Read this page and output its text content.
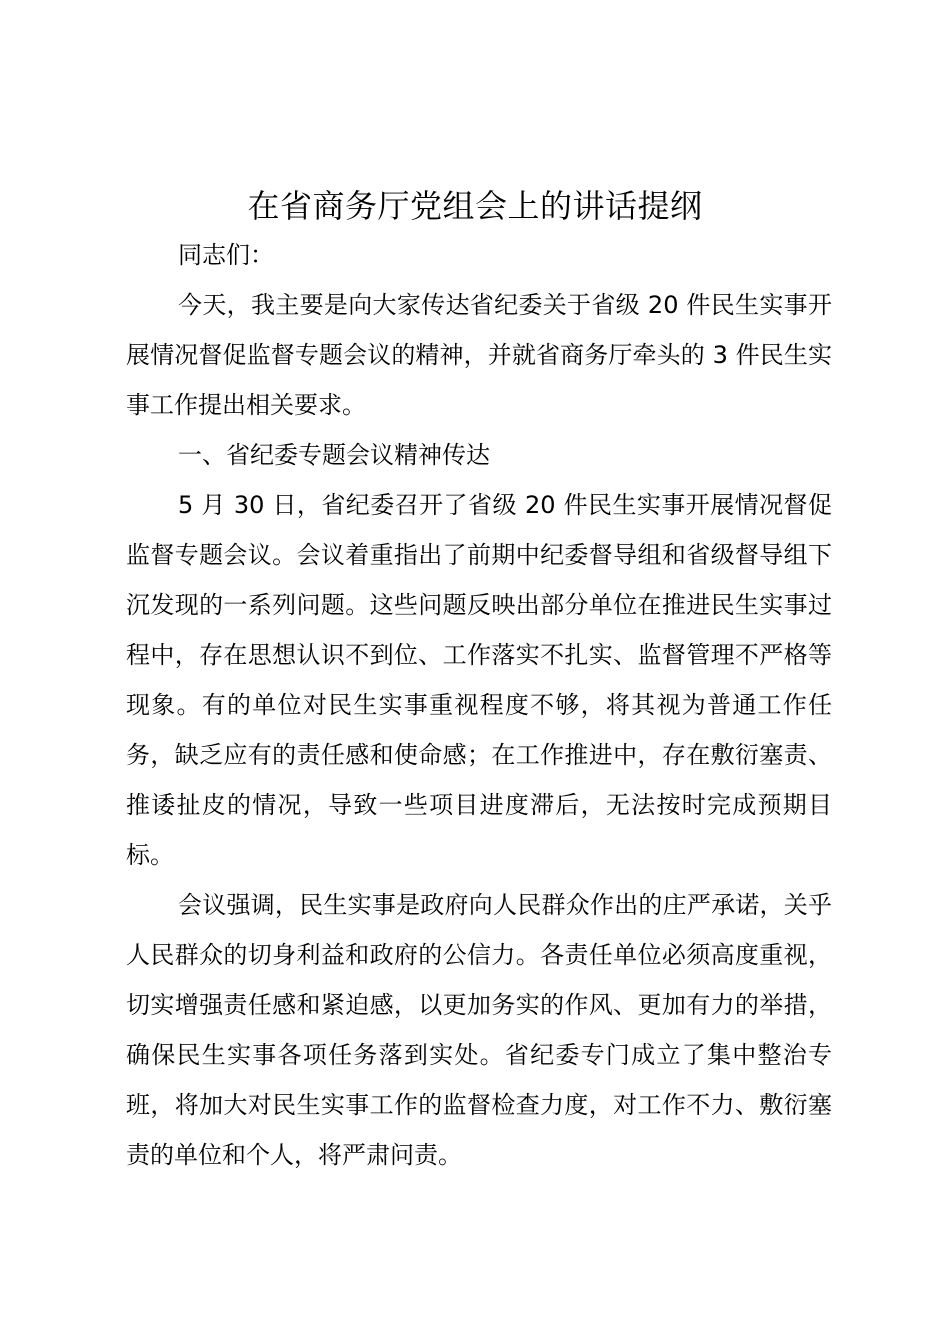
在省商务厅党组会上的讲话提纲

同志们：

今天，我主要是向大家传达省纪委关于省级 20 件民生实事开展情况督促监督专题会议的精神，并就省商务厅牵头的 3 件民生实事工作提出相关要求。

一、省纪委专题会议精神传达

5 月 30 日，省纪委召开了省级 20 件民生实事开展情况督促监督专题会议。会议着重指出了前期中纪委督导组和省级督导组下沉发现的一系列问题。这些问题反映出部分单位在推进民生实事过程中，存在思想认识不到位、工作落实不扎实、监督管理不严格等现象。有的单位对民生实事重视程度不够，将其视为普通工作任务，缺乏应有的责任感和使命感；在工作推进中，存在敷衍塞责、推诿扯皮的情况，导致一些项目进度滞后，无法按时完成预期目标。

会议强调，民生实事是政府向人民群众作出的庄严承诺，关乎人民群众的切身利益和政府的公信力。各责任单位必须高度重视，切实增强责任感和紧迫感，以更加务实的作风、更加有力的举措，确保民生实事各项任务落到实处。省纪委专门成立了集中整治专班，将加大对民生实事工作的监督检查力度，对工作不力、敷衍塞责的单位和个人，将严肃问责。
